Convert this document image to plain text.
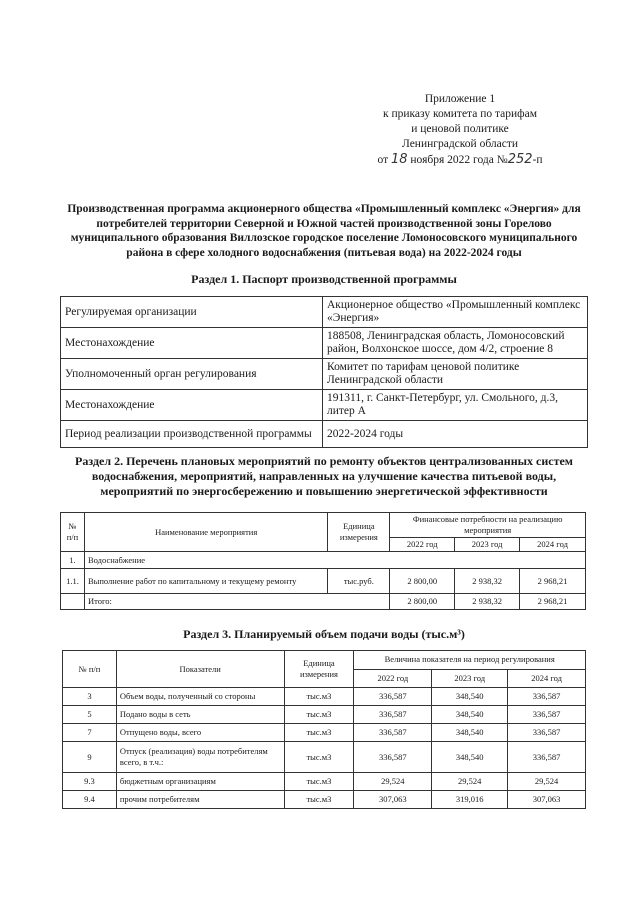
Приложение 1
к приказу комитета по тарифам
и ценовой политике
Ленинградской области
от 18 ноября 2022 года №252-п

Производственная программа акционерного общества «Промышленный комплекс «Энергия» для потребителей территории Северной и Южной частей производственной зоны Горелово муниципального образования Виллозское городское поселение Ломоносовского муниципального района в сфере холодного водоснабжения (питьевая вода) на 2022-2024 годы

Раздел 1. Паспорт производственной программы

Регулируемая организации	Акционерное общество «Промышленный комплекс «Энергия»
Местонахождение	188508, Ленинградская область, Ломоносовский район, Волхонское шоссе, дом 4/2, строение 8
Уполномоченный орган регулирования	Комитет по тарифам ценовой политике Ленинградской области
Местонахождение	191311, г. Санкт-Петербург, ул. Смольного, д.3, литер А
Период реализации производственной программы	2022-2024 годы

Раздел 2. Перечень плановых мероприятий по ремонту объектов централизованных систем водоснабжения, мероприятий, направленных на улучшение качества питьевой воды, мероприятий по энергосбережению и повышению энергетической эффективности

№ п/п	Наименование мероприятия	Единица измерения	Финансовые потребности на реализацию мероприятия		
			2022 год	2023 год	2024 год
1.	Водоснабжение				
1.1.	Выполнение работ по капитальному и текущему ремонту	тыс.руб.	2 800,00	2 938,32	2 968,21
	Итого:		2 800,00	2 938,32	2 968,21

Раздел 3. Планируемый объем подачи воды (тыс.м³)

№ п/п	Показатели	Единица измерения	Величина показателя на период регулирования		
			2022 год	2023 год	2024 год
3	Объем воды, полученный со стороны	тыс.м3	336,587	348,540	336,587
5	Подано воды в сеть	тыс.м3	336,587	348,540	336,587
7	Отпущено воды, всего	тыс.м3	336,587	348,540	336,587
9	Отпуск (реализация) воды потребителям всего, в т.ч.:	тыс.м3	336,587	348,540	336,587
9.3	бюджетным организациям	тыс.м3	29,524	29,524	29,524
9.4	прочим потребителям	тыс.м3	307,063	319,016	307,063
